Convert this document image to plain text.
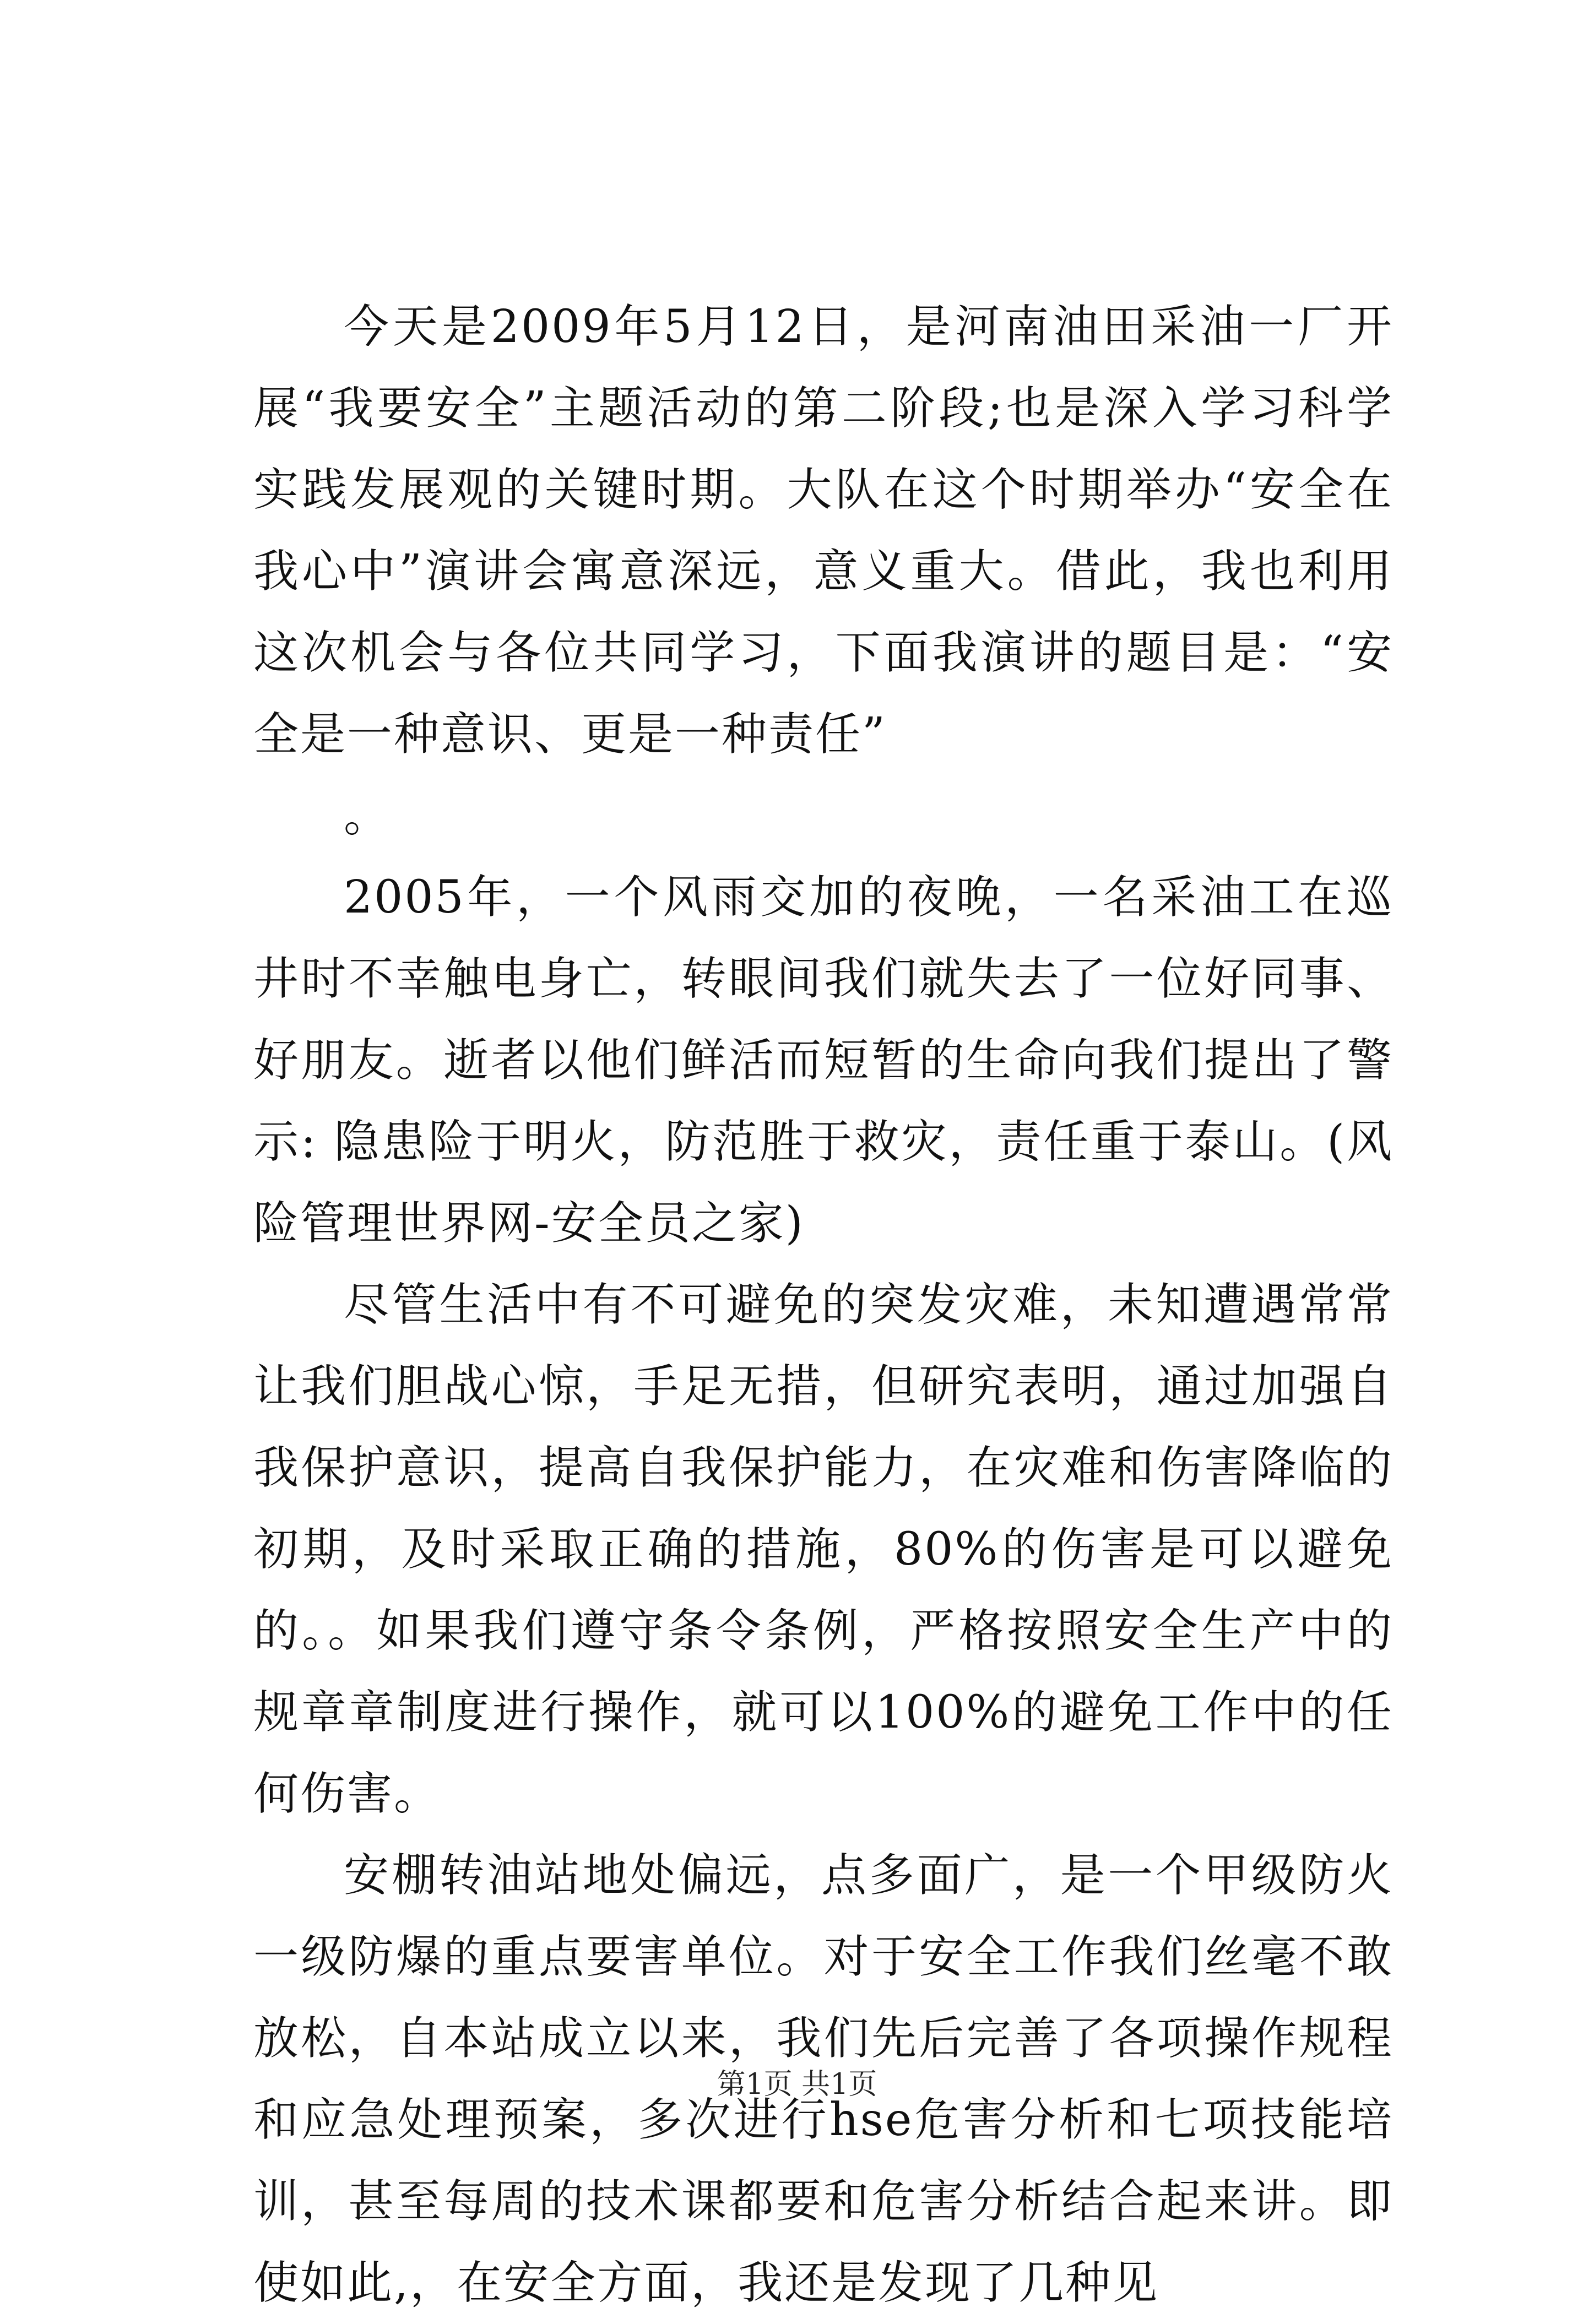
今天是2009年5月12日，是河南油田采油一厂开展“我要安全”主题活动的第二阶段;也是深入学习科学实践发展观的关键时期。大队在这个时期举办“安全在我心中”演讲会寓意深远，意义重大。借此，我也利用这次机会与各位共同学习，下面我演讲的题目是：“安全是一种意识、更是一种责任”

。

2005年，一个风雨交加的夜晚，一名采油工在巡井时不幸触电身亡，转眼间我们就失去了一位好同事、好朋友。逝者以他们鲜活而短暂的生命向我们提出了警示: 隐患险于明火，防范胜于救灾，责任重于泰山。(风险管理世界网-安全员之家)

尽管生活中有不可避免的突发灾难，未知遭遇常常让我们胆战心惊，手足无措，但研究表明，通过加强自我保护意识，提高自我保护能力，在灾难和伤害降临的初期，及时采取正确的措施，80%的伤害是可以避免的。。如果我们遵守条令条例，严格按照安全生产中的规章章制度进行操作，就可以100%的避免工作中的任何伤害。

安棚转油站地处偏远，点多面广，是一个甲级防火一级防爆的重点要害单位。对于安全工作我们丝毫不敢放松，自本站成立以来，我们先后完善了各项操作规程和应急处理预案，多次进行hse危害分析和七项技能培训，甚至每周的技术课都要和危害分析结合起来讲。即使如此,，在安全方面，我还是发现了几种见

第1页 共1页
